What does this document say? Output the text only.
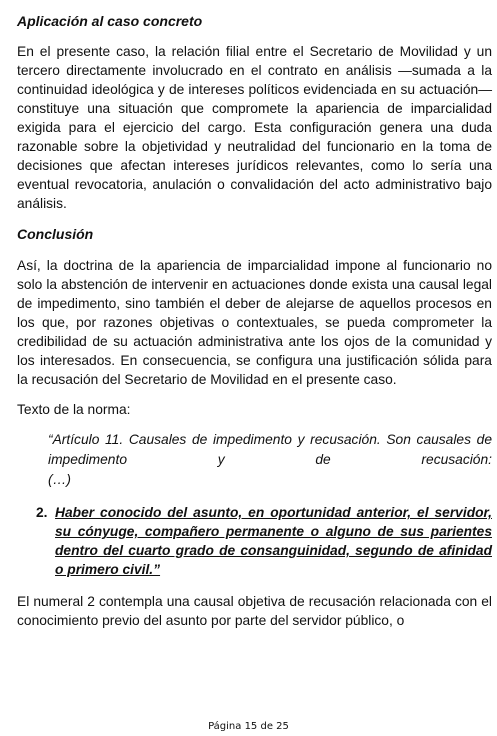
Aplicación al caso concreto

En el presente caso, la relación filial entre el Secretario de Movilidad y un tercero directamente involucrado en el contrato en análisis —sumada a la continuidad ideológica y de intereses políticos evidenciada en su actuación— constituye una situación que compromete la apariencia de imparcialidad exigida para el ejercicio del cargo. Esta configuración genera una duda razonable sobre la objetividad y neutralidad del funcionario en la toma de decisiones que afectan intereses jurídicos relevantes, como lo sería una eventual revocatoria, anulación o convalidación del acto administrativo bajo análisis.

Conclusión

Así, la doctrina de la apariencia de imparcialidad impone al funcionario no solo la abstención de intervenir en actuaciones donde exista una causal legal de impedimento, sino también el deber de alejarse de aquellos procesos en los que, por razones objetivas o contextuales, se pueda comprometer la credibilidad de su actuación administrativa ante los ojos de la comunidad y los interesados. En consecuencia, se configura una justificación sólida para la recusación del Secretario de Movilidad en el presente caso.

Texto de la norma:

“Artículo 11. Causales de impedimento y recusación. Son causales de impedimento y de recusación:
(…)
2. Haber conocido del asunto, en oportunidad anterior, el servidor, su cónyuge, compañero permanente o alguno de sus parientes dentro del cuarto grado de consanguinidad, segundo de afinidad o primero civil.”

El numeral 2 contempla una causal objetiva de recusación relacionada con el conocimiento previo del asunto por parte del servidor público, o

Página 15 de 25
